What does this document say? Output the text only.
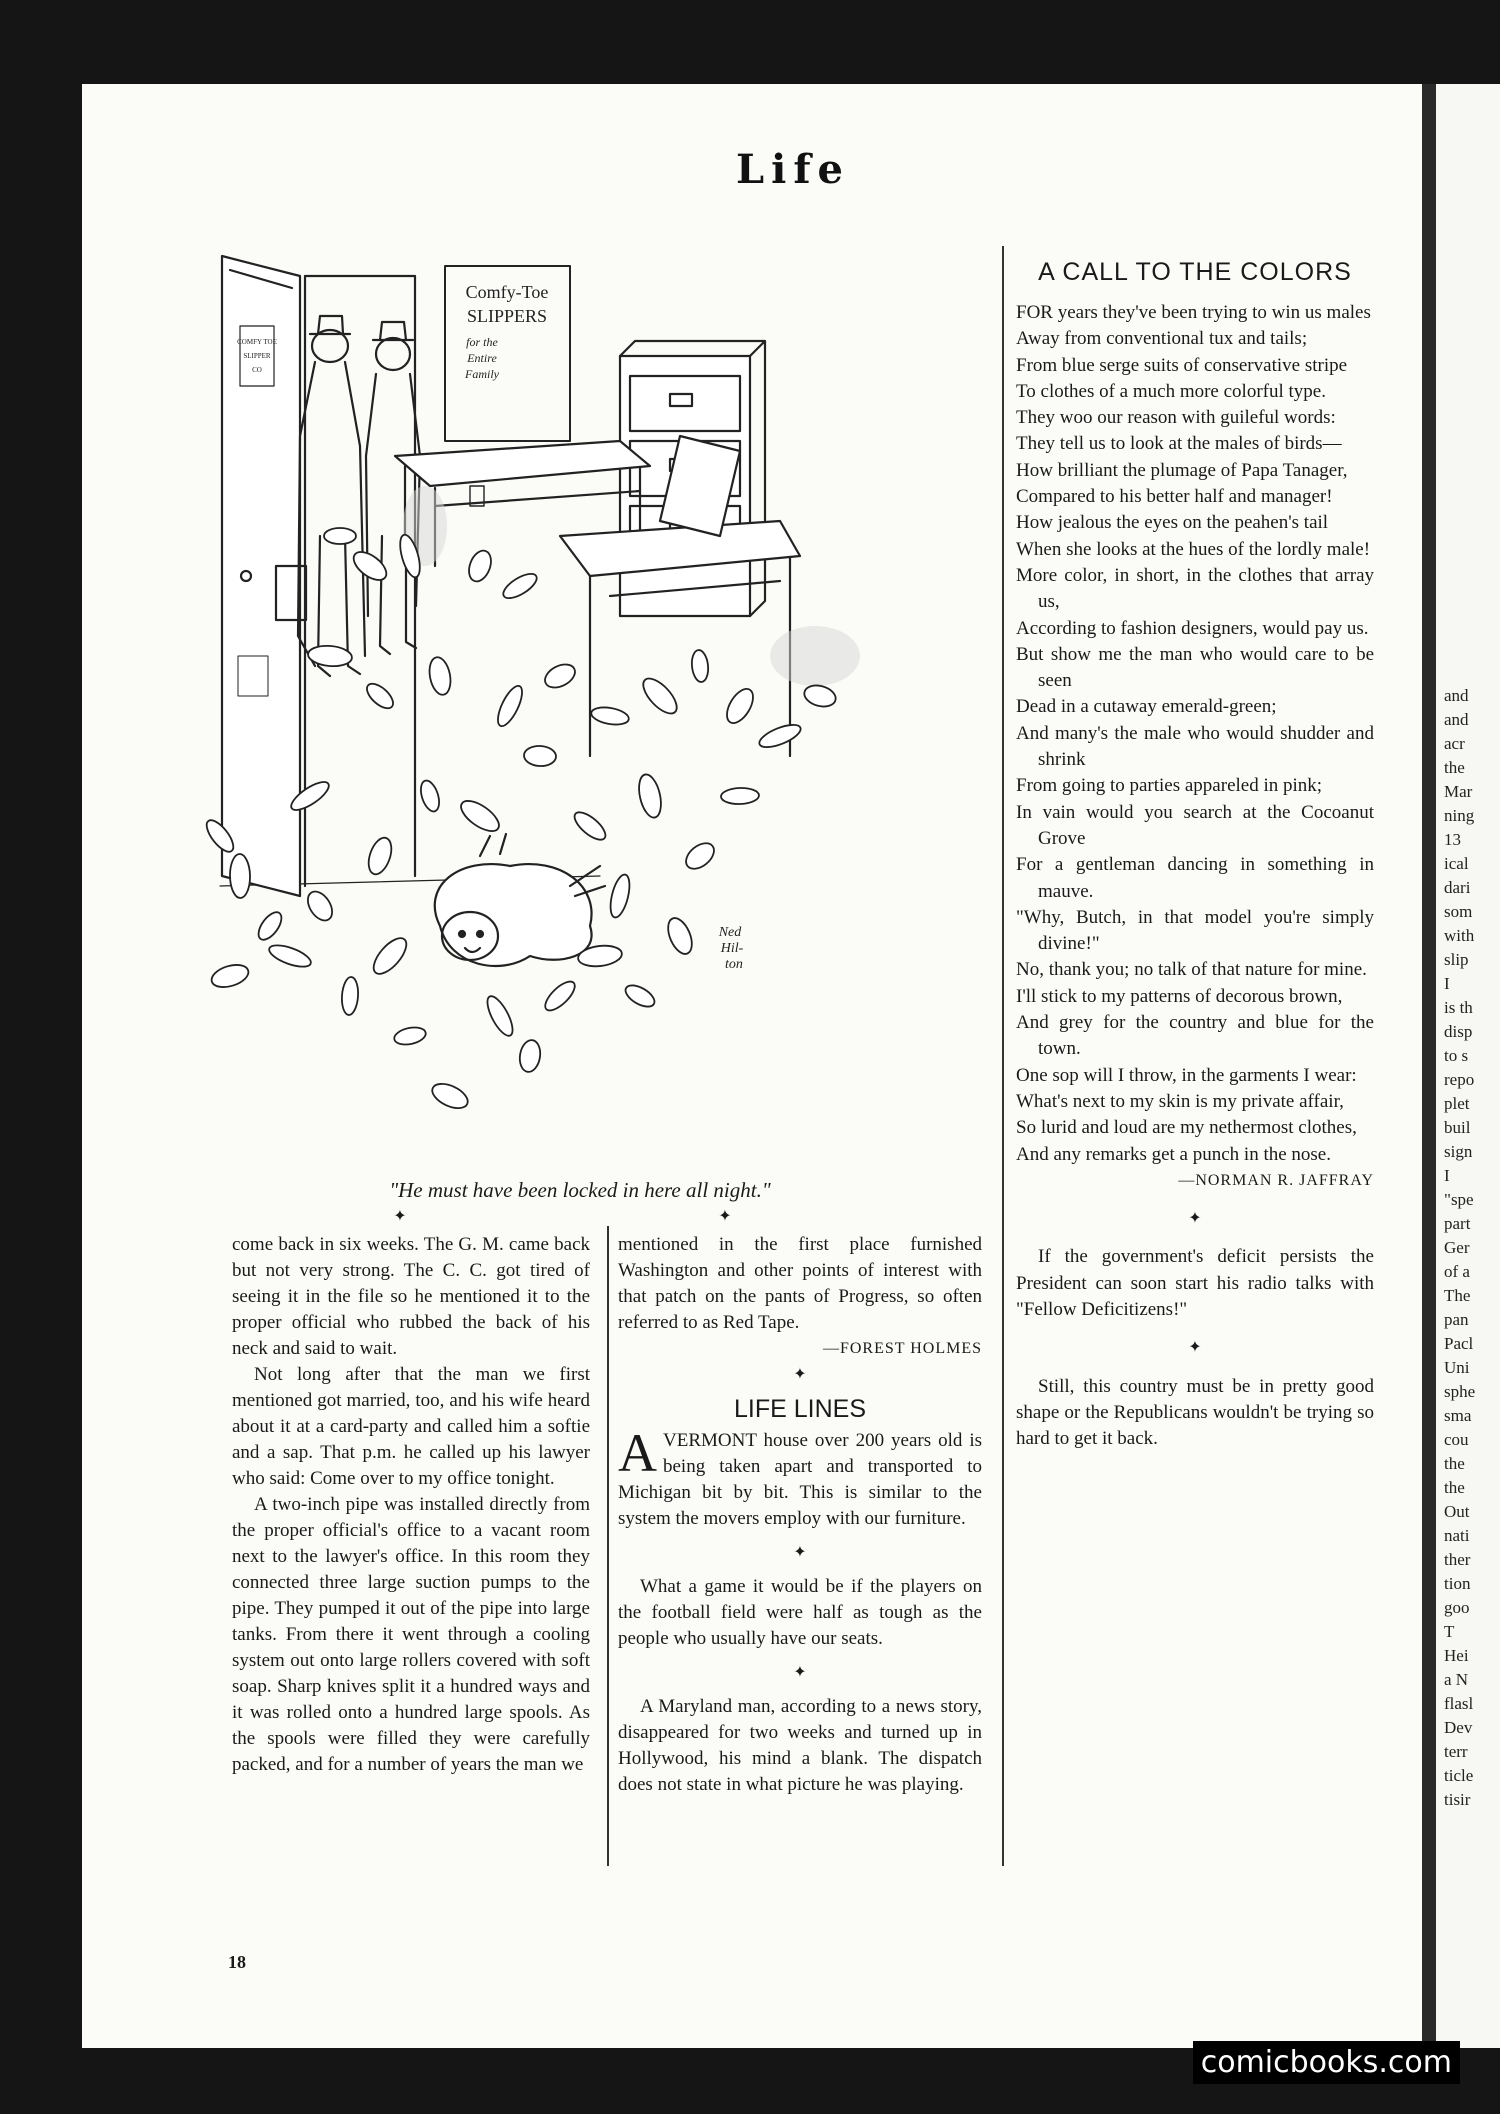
and
and
acr
the
Mar
ning
13
ical
dari
som
with
slip
I
is th
disp
to s
repo
plet
buil
sign
I
"spe
part
Ger
of a
The
pan
Pacl
Uni
sphe
sma
cou
the
the
Out
nati
ther
tion
goo
T
Hei
a N
flasl
Dev
terr
ticle
tisir
Life
Comfy-Toe
SLIPPERS
for the
Entire
Family
COMFY TOE
SLIPPER
CO
Ned
Hil-
ton
"He must have been locked in here all night."
✦	✦

come back in six weeks. The G. M. came back but not very strong. The C. C. got tired of seeing it in the file so he mentioned it to the proper official who rubbed the back of his neck and said to wait.

Not long after that the man we first mentioned got married, too, and his wife heard about it at a card-party and called him a softie and a sap. That p.m. he called up his lawyer who said: Come over to my office tonight.

A two-inch pipe was installed directly from the proper official's office to a vacant room next to the lawyer's office. In this room they connected three large suction pumps to the pipe. They pumped it out of the pipe into large tanks. From there it went through a cooling system out onto large rollers covered with soft soap. Sharp knives split it a hundred ways and it was rolled onto a hundred large spools. As the spools were filled they were carefully packed, and for a number of years the man we

mentioned in the first place furnished Washington and other points of interest with that patch on the pants of Progress, so often referred to as Red Tape.

—FOREST HOLMES
✦
LIFE LINES

AVERMONT house over 200 years old is being taken apart and transported to Michigan bit by bit. This is similar to the system the movers employ with our furniture.

✦

What a game it would be if the players on the football field were half as tough as the people who usually have our seats.

✦

A Maryland man, according to a news story, disappeared for two weeks and turned up in Hollywood, his mind a blank. The dispatch does not state in what picture he was playing.

A CALL TO THE COLORS
FOR years they've been trying to win us males
Away from conventional tux and tails;
From blue serge suits of conservative stripe
To clothes of a much more colorful type.
They woo our reason with guileful words:
They tell us to look at the males of birds—
How brilliant the plumage of Papa Tanager,
Compared to his better half and manager!
How jealous the eyes on the peahen's tail
When she looks at the hues of the lordly male!
More color, in short, in the clothes that array us,
According to fashion designers, would pay us.
But show me the man who would care to be seen
Dead in a cutaway emerald-green;
And many's the male who would shudder and shrink
From going to parties appareled in pink;
In vain would you search at the Cocoanut Grove
For a gentleman dancing in something in mauve.
"Why, Butch, in that model you're simply divine!"
No, thank you; no talk of that nature for mine.
I'll stick to my patterns of decorous brown,
And grey for the country and blue for the town.
One sop will I throw, in the garments I wear:
What's next to my skin is my private affair,
So lurid and loud are my nethermost clothes,
And any remarks get a punch in the nose.
—NORMAN R. JAFFRAY
✦
If the government's deficit persists the President can soon start his radio talks with "Fellow Deficitizens!"
✦
Still, this country must be in pretty good shape or the Republicans wouldn't be trying so hard to get it back.
18
comicbooks.com
